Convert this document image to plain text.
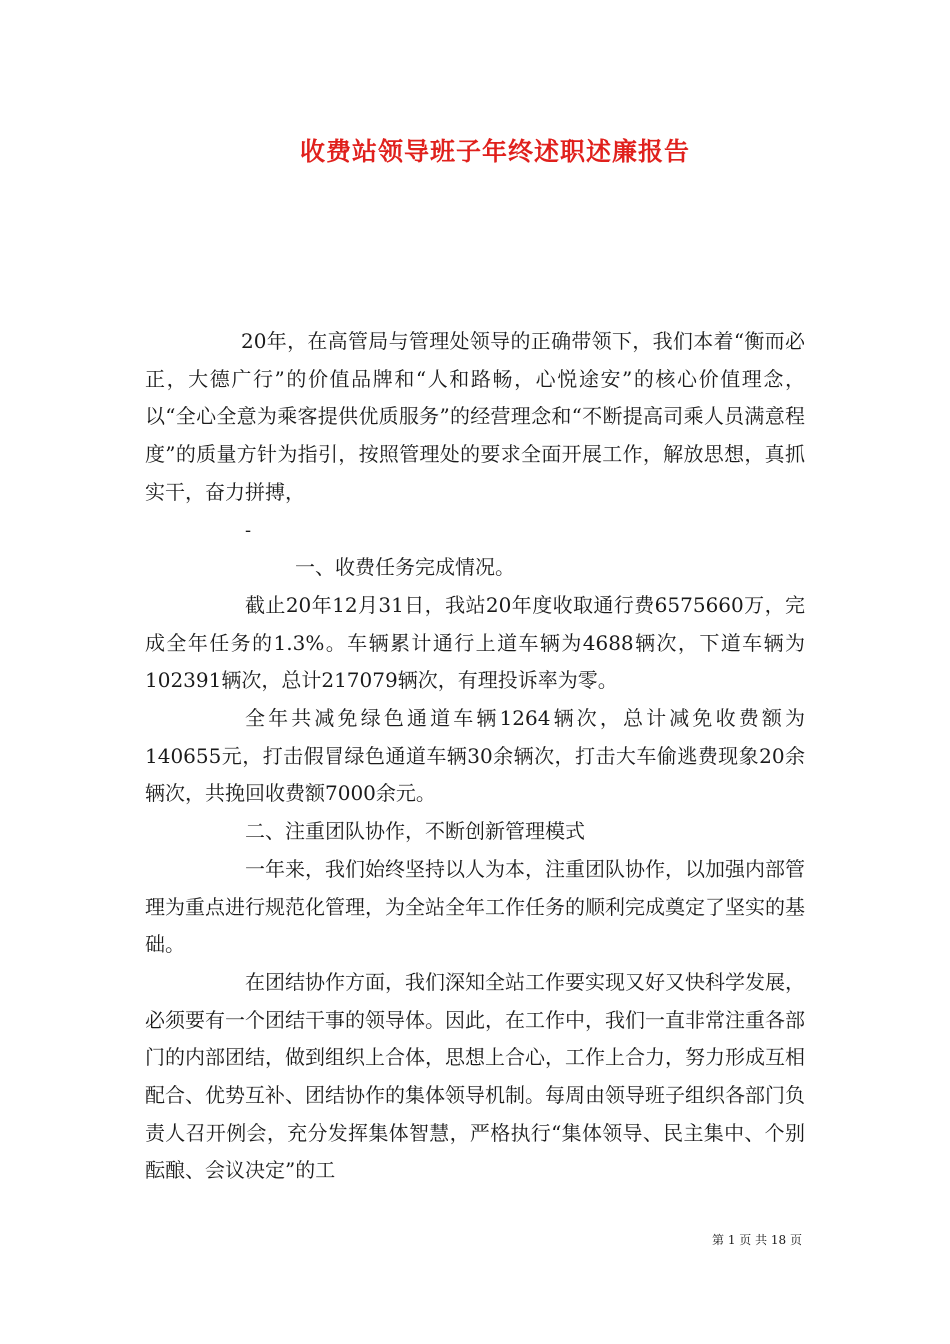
收费站领导班子年终述职述廉报告

20年，在高管局与管理处领导的正确带领下，我们本着“衡而必正，大德广行”的价值品牌和“人和路畅，心悦途安”的核心价值理念，以“全心全意为乘客提供优质服务”的经营理念和“不断提高司乘人员满意程度”的质量方针为指引，按照管理处的要求全面开展工作，解放思想，真抓实干，奋力拼搏，

-

一、收费任务完成情况。

截止20年12月31日，我站20年度收取通行费6575660万，完成全年任务的1.3%。车辆累计通行上道车辆为4688辆次，下道车辆为102391辆次，总计217079辆次，有理投诉率为零。

全年共减免绿色通道车辆1264辆次，总计减免收费额为140655元，打击假冒绿色通道车辆30余辆次，打击大车偷逃费现象20余辆次，共挽回收费额7000余元。

二、注重团队协作，不断创新管理模式

一年来，我们始终坚持以人为本，注重团队协作，以加强内部管理为重点进行规范化管理，为全站全年工作任务的顺利完成奠定了坚实的基础。

在团结协作方面，我们深知全站工作要实现又好又快科学发展，必须要有一个团结干事的领导体。因此，在工作中，我们一直非常注重各部门的内部团结，做到组织上合体，思想上合心，工作上合力，努力形成互相配合、优势互补、团结协作的集体领导机制。每周由领导班子组织各部门负责人召开例会，充分发挥集体智慧，严格执行“集体领导、民主集中、个别酝酿、会议决定”的工

第 1 页 共 18 页
